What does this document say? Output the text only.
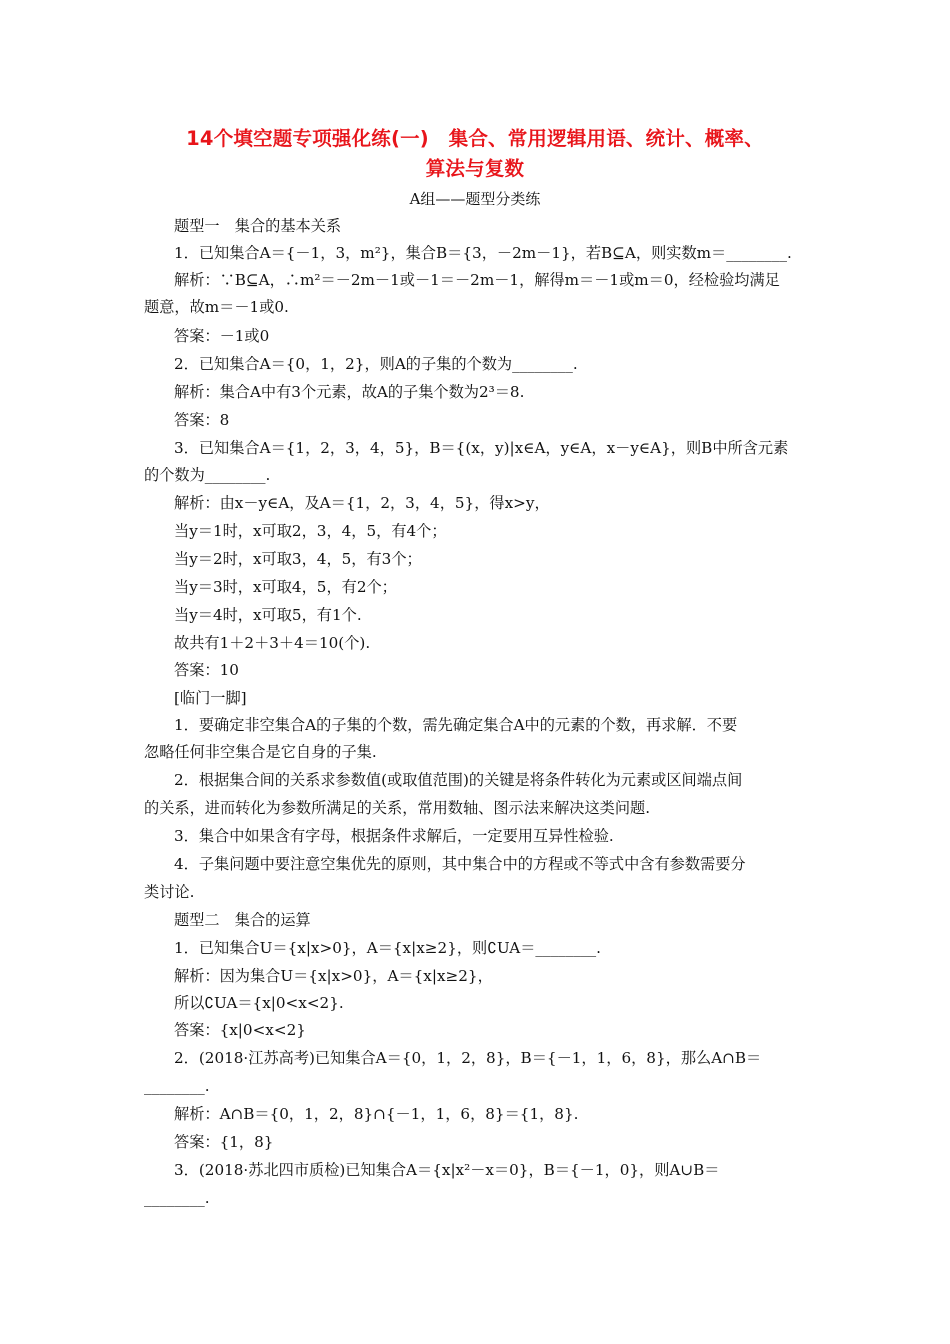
14个填空题专项强化练(一)　集合、常用逻辑用语、统计、概率、
算法与复数
A组——题型分类练
题型一　集合的基本关系
1．已知集合A＝{－1，3，m²}，集合B＝{3，－2m－1}，若B⊆A，则实数m＝________.
解析：∵B⊆A，∴m²＝－2m－1或－1＝－2m－1，解得m＝－1或m＝0，经检验均满足
题意，故m＝－1或0.
答案：－1或0
2．已知集合A＝{0，1，2}，则A的子集的个数为________.
解析：集合A中有3个元素，故A的子集个数为2³＝8.
答案：8
3．已知集合A＝{1，2，3，4，5}，B＝{(x，y)|x∈A，y∈A，x－y∈A}，则B中所含元素
的个数为________.
解析：由x－y∈A，及A＝{1，2，3，4，5}，得x>y，
当y＝1时，x可取2，3，4，5，有4个；
当y＝2时，x可取3，4，5，有3个；
当y＝3时，x可取4，5，有2个；
当y＝4时，x可取5，有1个.
故共有1＋2＋3＋4＝10(个).
答案：10
[临门一脚]
1．要确定非空集合A的子集的个数，需先确定集合A中的元素的个数，再求解．不要
忽略任何非空集合是它自身的子集.
2．根据集合间的关系求参数值(或取值范围)的关键是将条件转化为元素或区间端点间
的关系，进而转化为参数所满足的关系，常用数轴、图示法来解决这类问题.
3．集合中如果含有字母，根据条件求解后，一定要用互异性检验.
4．子集问题中要注意空集优先的原则，其中集合中的方程或不等式中含有参数需要分
类讨论.
题型二　集合的运算
1．已知集合U＝{x|x>0}，A＝{x|x≥2}，则∁UA＝________.
解析：因为集合U＝{x|x>0}，A＝{x|x≥2}，
所以∁UA＝{x|0<x<2}.
答案：{x|0<x<2}
2．(2018·江苏高考)已知集合A＝{0，1，2，8}，B＝{－1，1，6，8}，那么A∩B＝
________.
解析：A∩B＝{0，1，2，8}∩{－1，1，6，8}＝{1，8}.
答案：{1，8}
3．(2018·苏北四市质检)已知集合A＝{x|x²－x＝0}，B＝{－1，0}，则A∪B＝
________.
